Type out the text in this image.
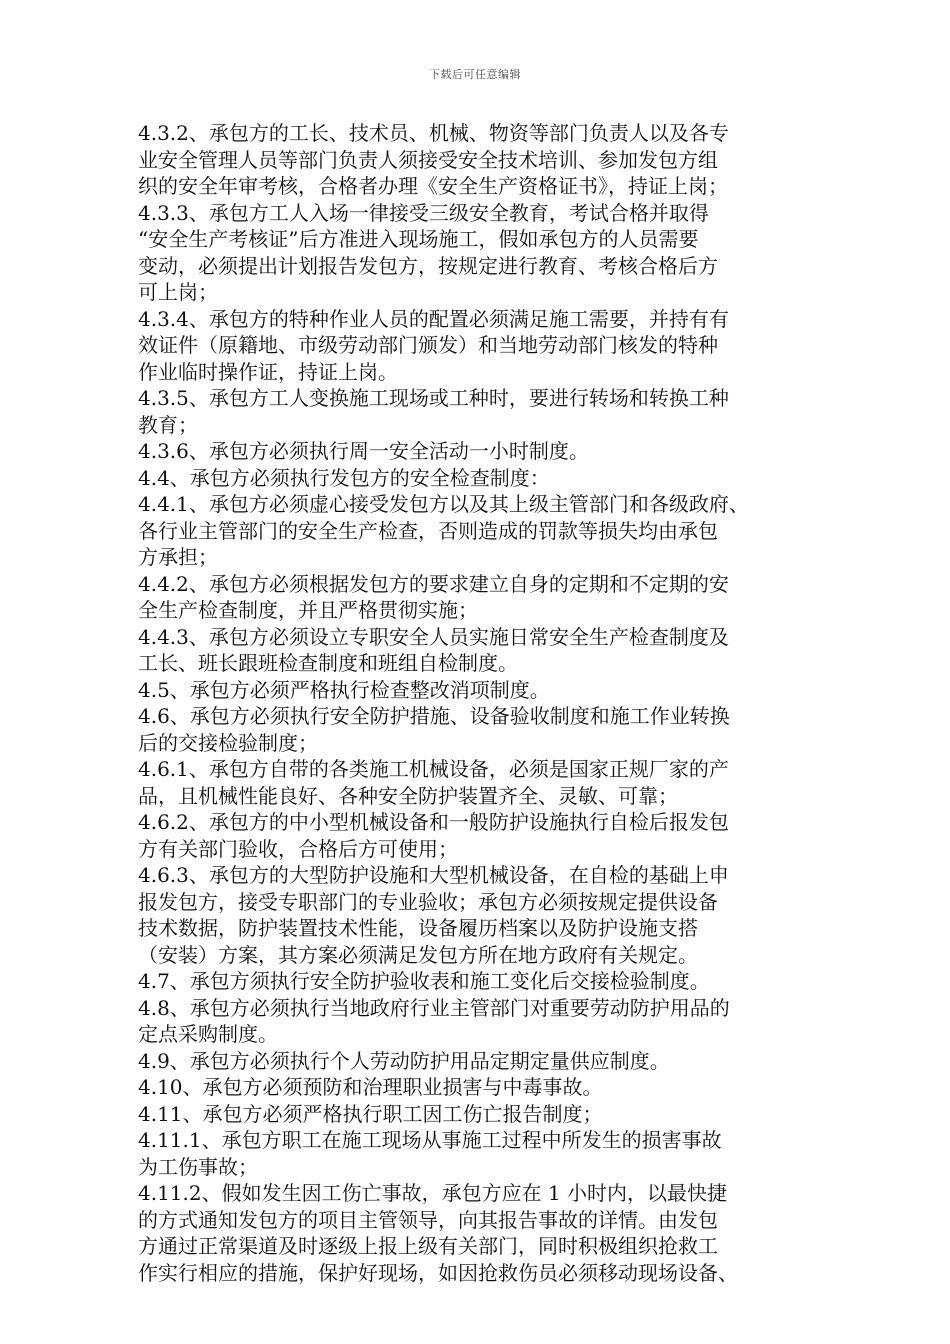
下载后可任意编辑
4.3.2、承包方的工长、技术员、机械、物资等部门负责人以及各专
业安全管理人员等部门负责人须接受安全技术培训、参加发包方组
织的安全年审考核，合格者办理《安全生产资格证书》，持证上岗；
4.3.3、承包方工人入场一律接受三级安全教育，考试合格并取得
“安全生产考核证”后方准进入现场施工，假如承包方的人员需要
变动，必须提出计划报告发包方，按规定进行教育、考核合格后方
可上岗；
4.3.4、承包方的特种作业人员的配置必须满足施工需要，并持有有
效证件（原籍地、市级劳动部门颁发）和当地劳动部门核发的特种
作业临时操作证，持证上岗。
4.3.5、承包方工人变换施工现场或工种时，要进行转场和转换工种
教育；
4.3.6、承包方必须执行周一安全活动一小时制度。
4.4、承包方必须执行发包方的安全检查制度：
4.4.1、承包方必须虚心接受发包方以及其上级主管部门和各级政府、
各行业主管部门的安全生产检查，否则造成的罚款等损失均由承包
方承担；
4.4.2、承包方必须根据发包方的要求建立自身的定期和不定期的安
全生产检查制度，并且严格贯彻实施；
4.4.3、承包方必须设立专职安全人员实施日常安全生产检查制度及
工长、班长跟班检查制度和班组自检制度。
4.5、承包方必须严格执行检查整改消项制度。
4.6、承包方必须执行安全防护措施、设备验收制度和施工作业转换
后的交接检验制度；
4.6.1、承包方自带的各类施工机械设备，必须是国家正规厂家的产
品，且机械性能良好、各种安全防护装置齐全、灵敏、可靠；
4.6.2、承包方的中小型机械设备和一般防护设施执行自检后报发包
方有关部门验收，合格后方可使用；
4.6.3、承包方的大型防护设施和大型机械设备，在自检的基础上申
报发包方，接受专职部门的专业验收；承包方必须按规定提供设备
技术数据，防护装置技术性能，设备履历档案以及防护设施支搭
（安装）方案，其方案必须满足发包方所在地方政府有关规定。
4.7、承包方须执行安全防护验收表和施工变化后交接检验制度。
4.8、承包方必须执行当地政府行业主管部门对重要劳动防护用品的
定点采购制度。
4.9、承包方必须执行个人劳动防护用品定期定量供应制度。
4.10、承包方必须预防和治理职业损害与中毒事故。
4.11、承包方必须严格执行职工因工伤亡报告制度；
4.11.1、承包方职工在施工现场从事施工过程中所发生的损害事故
为工伤事故；
4.11.2、假如发生因工伤亡事故，承包方应在 1 小时内，以最快捷
的方式通知发包方的项目主管领导，向其报告事故的详情。由发包
方通过正常渠道及时逐级上报上级有关部门，同时积极组织抢救工
作实行相应的措施，保护好现场，如因抢救伤员必须移动现场设备、
